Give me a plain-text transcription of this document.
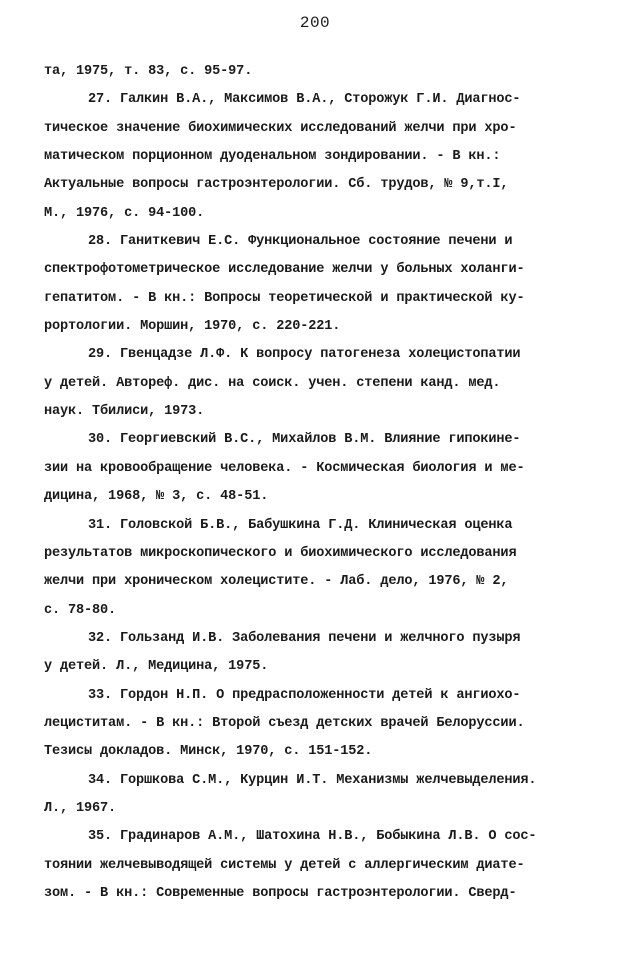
200
та, 1975, т. 83, с. 95-97.
27. Галкин В.А., Максимов В.А., Сторожук Г.И. Диагнос-
тическое значение биохимических исследований желчи при хро-
матическом порционном дуоденальном зондировании. - В кн.:
Актуальные вопросы гастроэнтерологии. Сб. трудов, № 9,т.I,
М., 1976, с. 94-100.
28. Ганиткевич Е.С. Функциональное состояние печени и
спектрофотометрическое исследование желчи у больных холанги-
гепатитом. - В кн.: Вопросы теоретической и практической ку-
рортологии. Моршин, 1970, с. 220-221.
29. Гвенцадзе Л.Ф. К вопросу патогенеза холецистопатии
у детей. Автореф. дис. на соиск. учен. степени канд. мед.
наук. Тбилиси, 1973.
30. Георгиевский В.С., Михайлов В.М. Влияние гипокине-
зии на кровообращение человека. - Космическая биология и ме-
дицина, 1968, № 3, с. 48-51.
31. Головской Б.В., Бабушкина Г.Д. Клиническая оценка
результатов микроскопического и биохимического исследования
желчи при хроническом холецистите. - Лаб. дело, 1976, № 2,
с. 78-80.
32. Гользанд И.В. Заболевания печени и желчного пузыря
у детей. Л., Медицина, 1975.
33. Гордон Н.П. О предрасположенности детей к ангиохо-
лециститам. - В кн.: Второй съезд детских врачей Белоруссии.
Тезисы докладов. Минск, 1970, с. 151-152.
34. Горшкова С.М., Курцин И.Т. Механизмы желчевыделения.
Л., 1967.
35. Градинаров А.М., Шатохина Н.В., Бобыкина Л.В. О сос-
тоянии желчевыводящей системы у детей с аллергическим диате-
зом. - В кн.: Современные вопросы гастроэнтерологии. Сверд-
